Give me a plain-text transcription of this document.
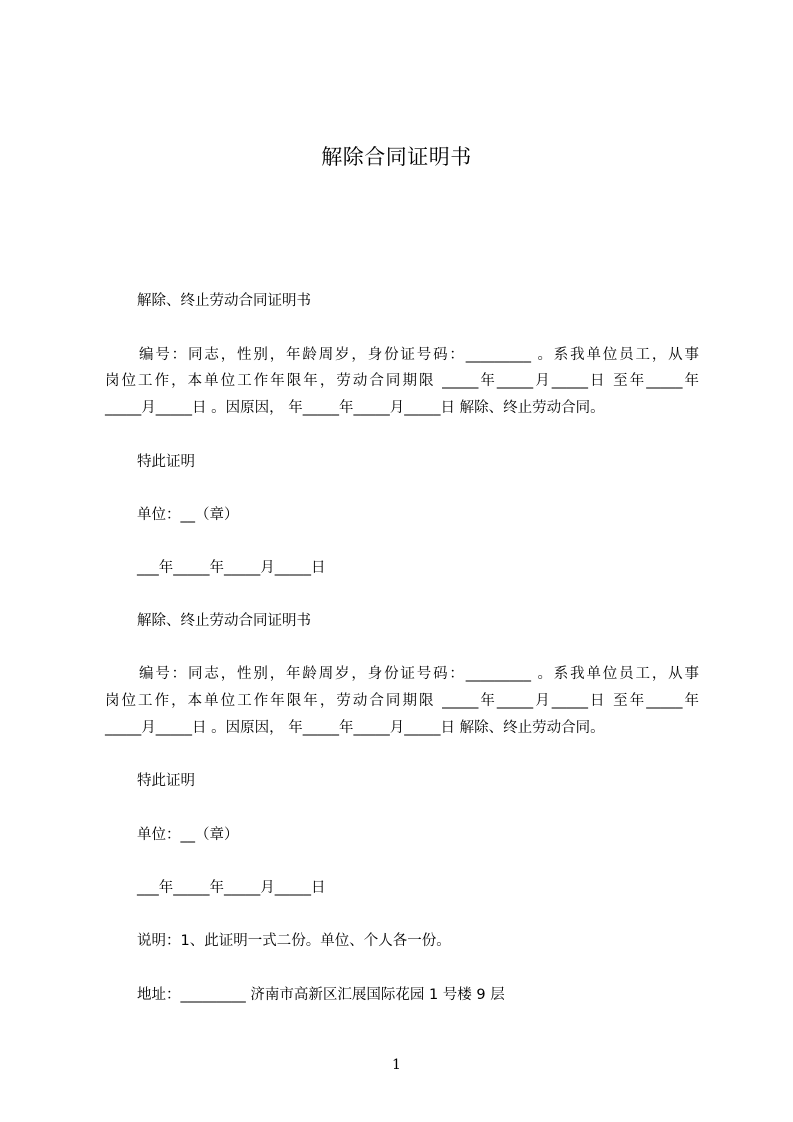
解除合同证明书
解除、终止劳动合同证明书
编号：同志，性别，年龄周岁，身份证号码：_________ 。系我单位员工，从事
岗位工作，本单位工作年限年，劳动合同期限 _____年_____月_____日 至年_____年
_____月_____日 。因原因， 年_____年_____月_____日 解除、终止劳动合同。
特此证明
单位：__（章）
___年_____年_____月_____日
解除、终止劳动合同证明书
编号：同志，性别，年龄周岁，身份证号码：_________ 。系我单位员工，从事
岗位工作，本单位工作年限年，劳动合同期限 _____年_____月_____日 至年_____年
_____月_____日 。因原因， 年_____年_____月_____日 解除、终止劳动合同。
特此证明
单位：__（章）
___年_____年_____月_____日
说明：1、此证明一式二份。单位、个人各一份。
地址：_________ 济南市高新区汇展国际花园 1 号楼 9 层
1
